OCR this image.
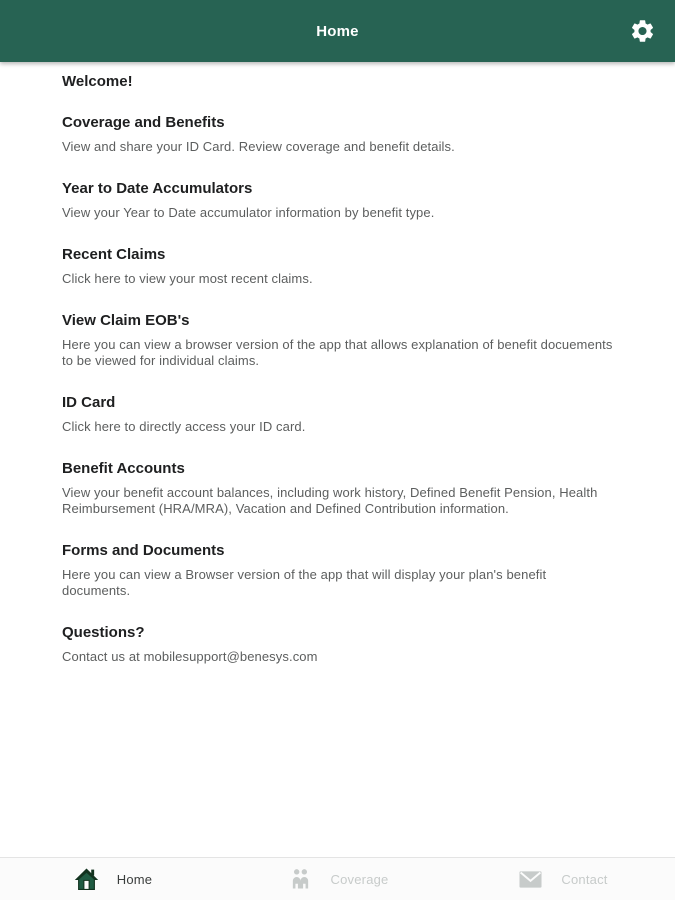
Home
Welcome!
Coverage and Benefits

View and share your ID Card. Review coverage and benefit details.

Year to Date Accumulators

View your Year to Date accumulator information by benefit type.

Recent Claims

Click here to view your most recent claims.

View Claim EOB's

Here you can view a browser version of the app that allows explanation of benefit docuements to be viewed for individual claims.

ID Card

Click here to directly access your ID card.

Benefit Accounts

View your benefit account balances, including work history, Defined Benefit Pension, Health Reimbursement (HRA/MRA), Vacation and Defined Contribution information.

Forms and Documents

Here you can view a Browser version of the app that will display your plan's benefit documents.

Questions?

Contact us at mobilesupport@benesys.com

Home	Coverage	Contact
